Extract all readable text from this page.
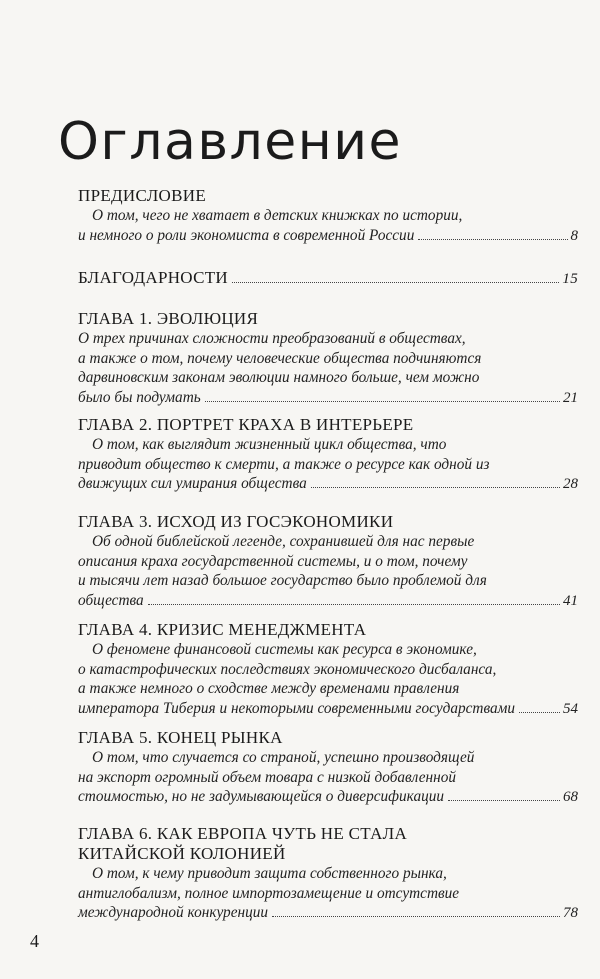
Оглавление
ПРЕДИСЛОВИЕ
О том, чего не хватает в детских книжках по истории,
и немного о роли экономиста в современной России	8
БЛАГОДАРНОСТИ	15
ГЛАВА 1. ЭВОЛЮЦИЯ
О трех причинах сложности преобразований в обществах,
а также о том, почему человеческие общества подчиняются
дарвиновским законам эволюции намного больше, чем можно
было бы подумать	21
ГЛАВА 2. ПОРТРЕТ КРАХА В ИНТЕРЬЕРЕ
О том, как выглядит жизненный цикл общества, что
приводит общество к смерти, а также о ресурсе как одной из
движущих сил умирания общества	28
ГЛАВА 3. ИСХОД ИЗ ГОСЭКОНОМИКИ
Об одной библейской легенде, сохранившей для нас первые
описания краха государственной системы, и о том, почему
и тысячи лет назад большое государство было проблемой для
общества	41
ГЛАВА 4. КРИЗИС МЕНЕДЖМЕНТА
О феномене финансовой системы как ресурса в экономике,
о катастрофических последствиях экономического дисбаланса,
а также немного о сходстве между временами правления
императора Тиберия и некоторыми современными государствами	54
ГЛАВА 5. КОНЕЦ РЫНКА
О том, что случается со страной, успешно производящей
на экспорт огромный объем товара с низкой добавленной
стоимостью, но не задумывающейся о диверсификации	68
ГЛАВА 6. КАК ЕВРОПА ЧУТЬ НЕ СТАЛА
КИТАЙСКОЙ КОЛОНИЕЙ
О том, к чему приводит защита собственного рынка,
антиглобализм, полное импортозамещение и отсутствие
международной конкуренции	78
4
